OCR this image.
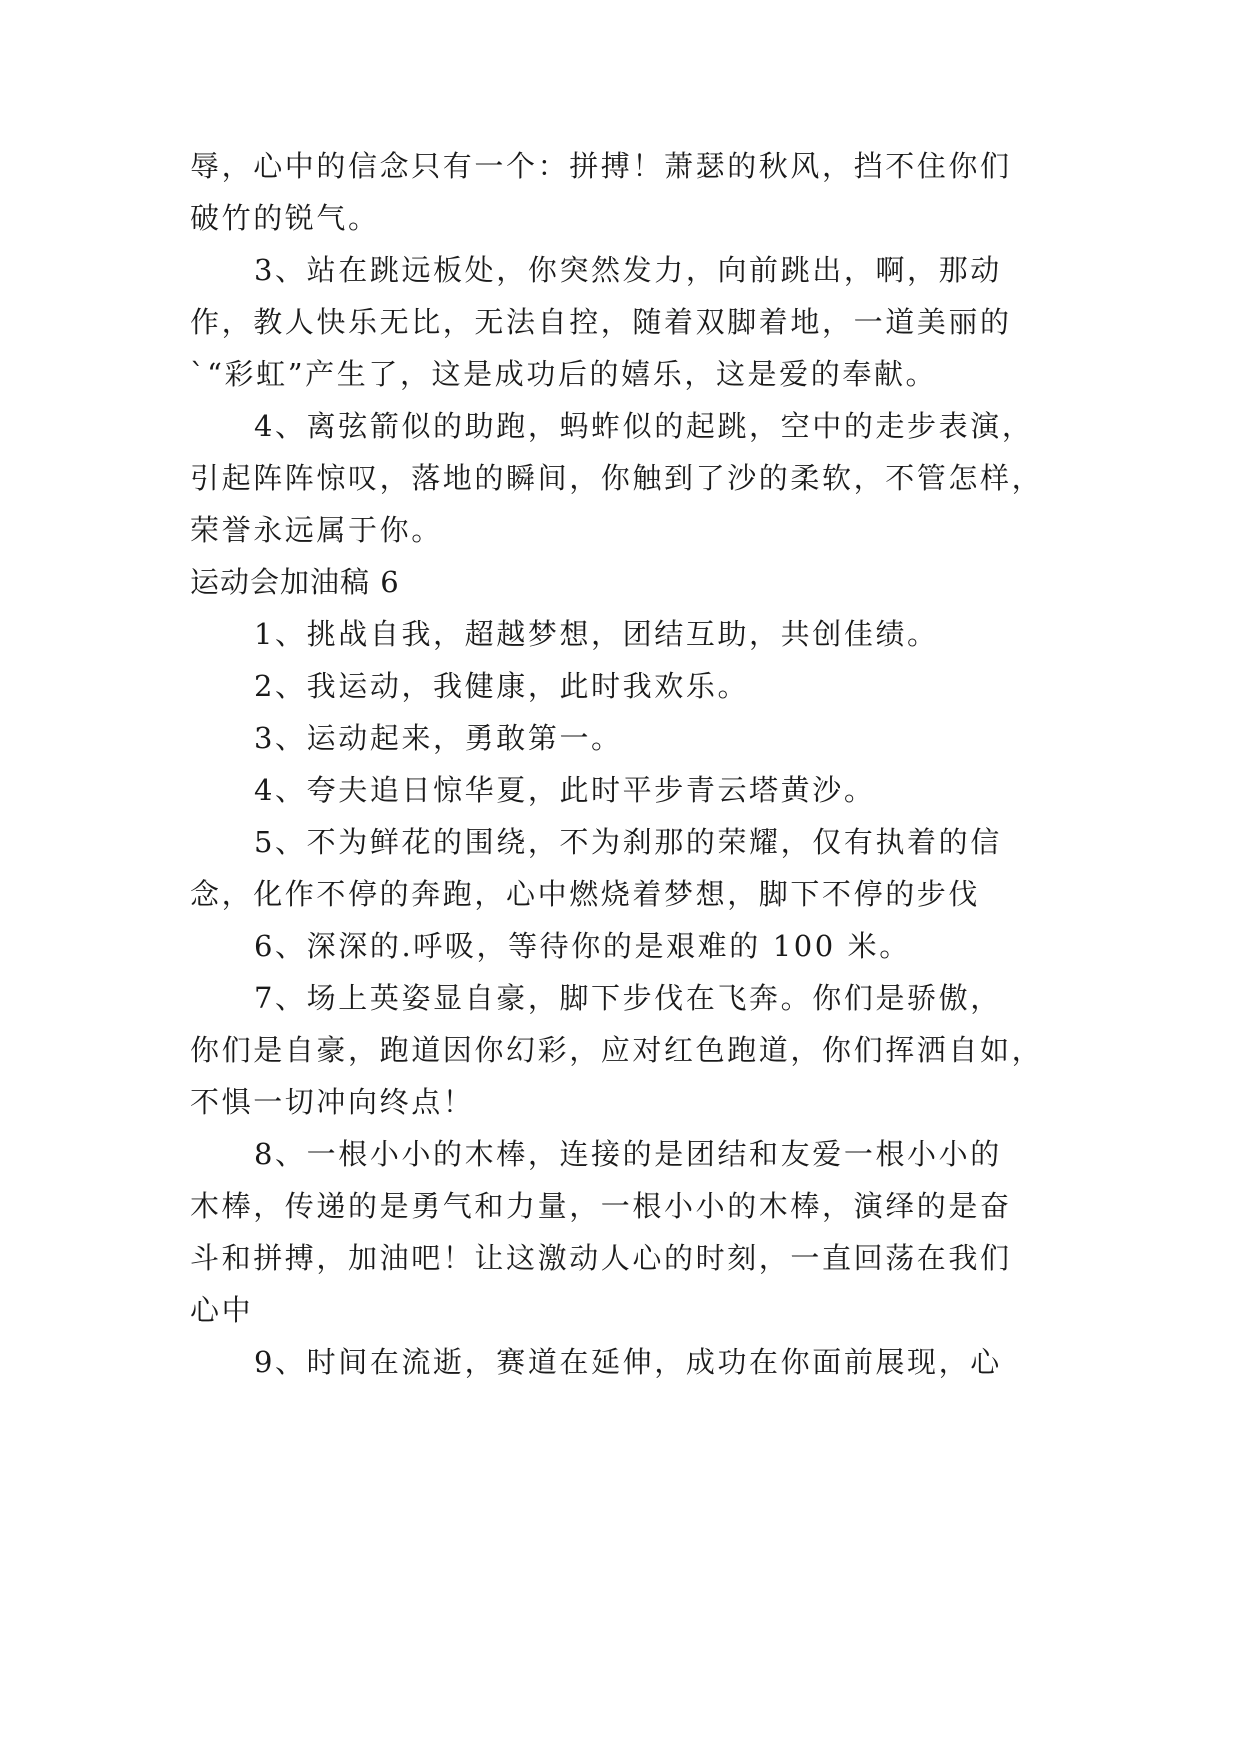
辱，心中的信念只有一个：拼搏！萧瑟的秋风，挡不住你们
破竹的锐气。
3、站在跳远板处，你突然发力，向前跳出，啊，那动
作，教人快乐无比，无法自控，随着双脚着地，一道美丽的
`“彩虹”产生了，这是成功后的嬉乐，这是爱的奉献。
4、离弦箭似的助跑，蚂蚱似的起跳，空中的走步表演，
引起阵阵惊叹，落地的瞬间，你触到了沙的柔软，不管怎样，
荣誉永远属于你。
运动会加油稿 6
1、挑战自我，超越梦想，团结互助，共创佳绩。
2、我运动，我健康，此时我欢乐。
3、运动起来，勇敢第一。
4、夸夫追日惊华夏，此时平步青云塔黄沙。
5、不为鲜花的围绕，不为刹那的荣耀，仅有执着的信
念，化作不停的奔跑，心中燃烧着梦想，脚下不停的步伐
6、深深的.呼吸，等待你的是艰难的 100 米。
7、场上英姿显自豪，脚下步伐在飞奔。你们是骄傲，
你们是自豪，跑道因你幻彩，应对红色跑道，你们挥洒自如，
不惧一切冲向终点！
8、一根小小的木棒，连接的是团结和友爱一根小小的
木棒，传递的是勇气和力量，一根小小的木棒，演绎的是奋
斗和拼搏，加油吧！让这激动人心的时刻，一直回荡在我们
心中
9、时间在流逝，赛道在延伸，成功在你面前展现，心
